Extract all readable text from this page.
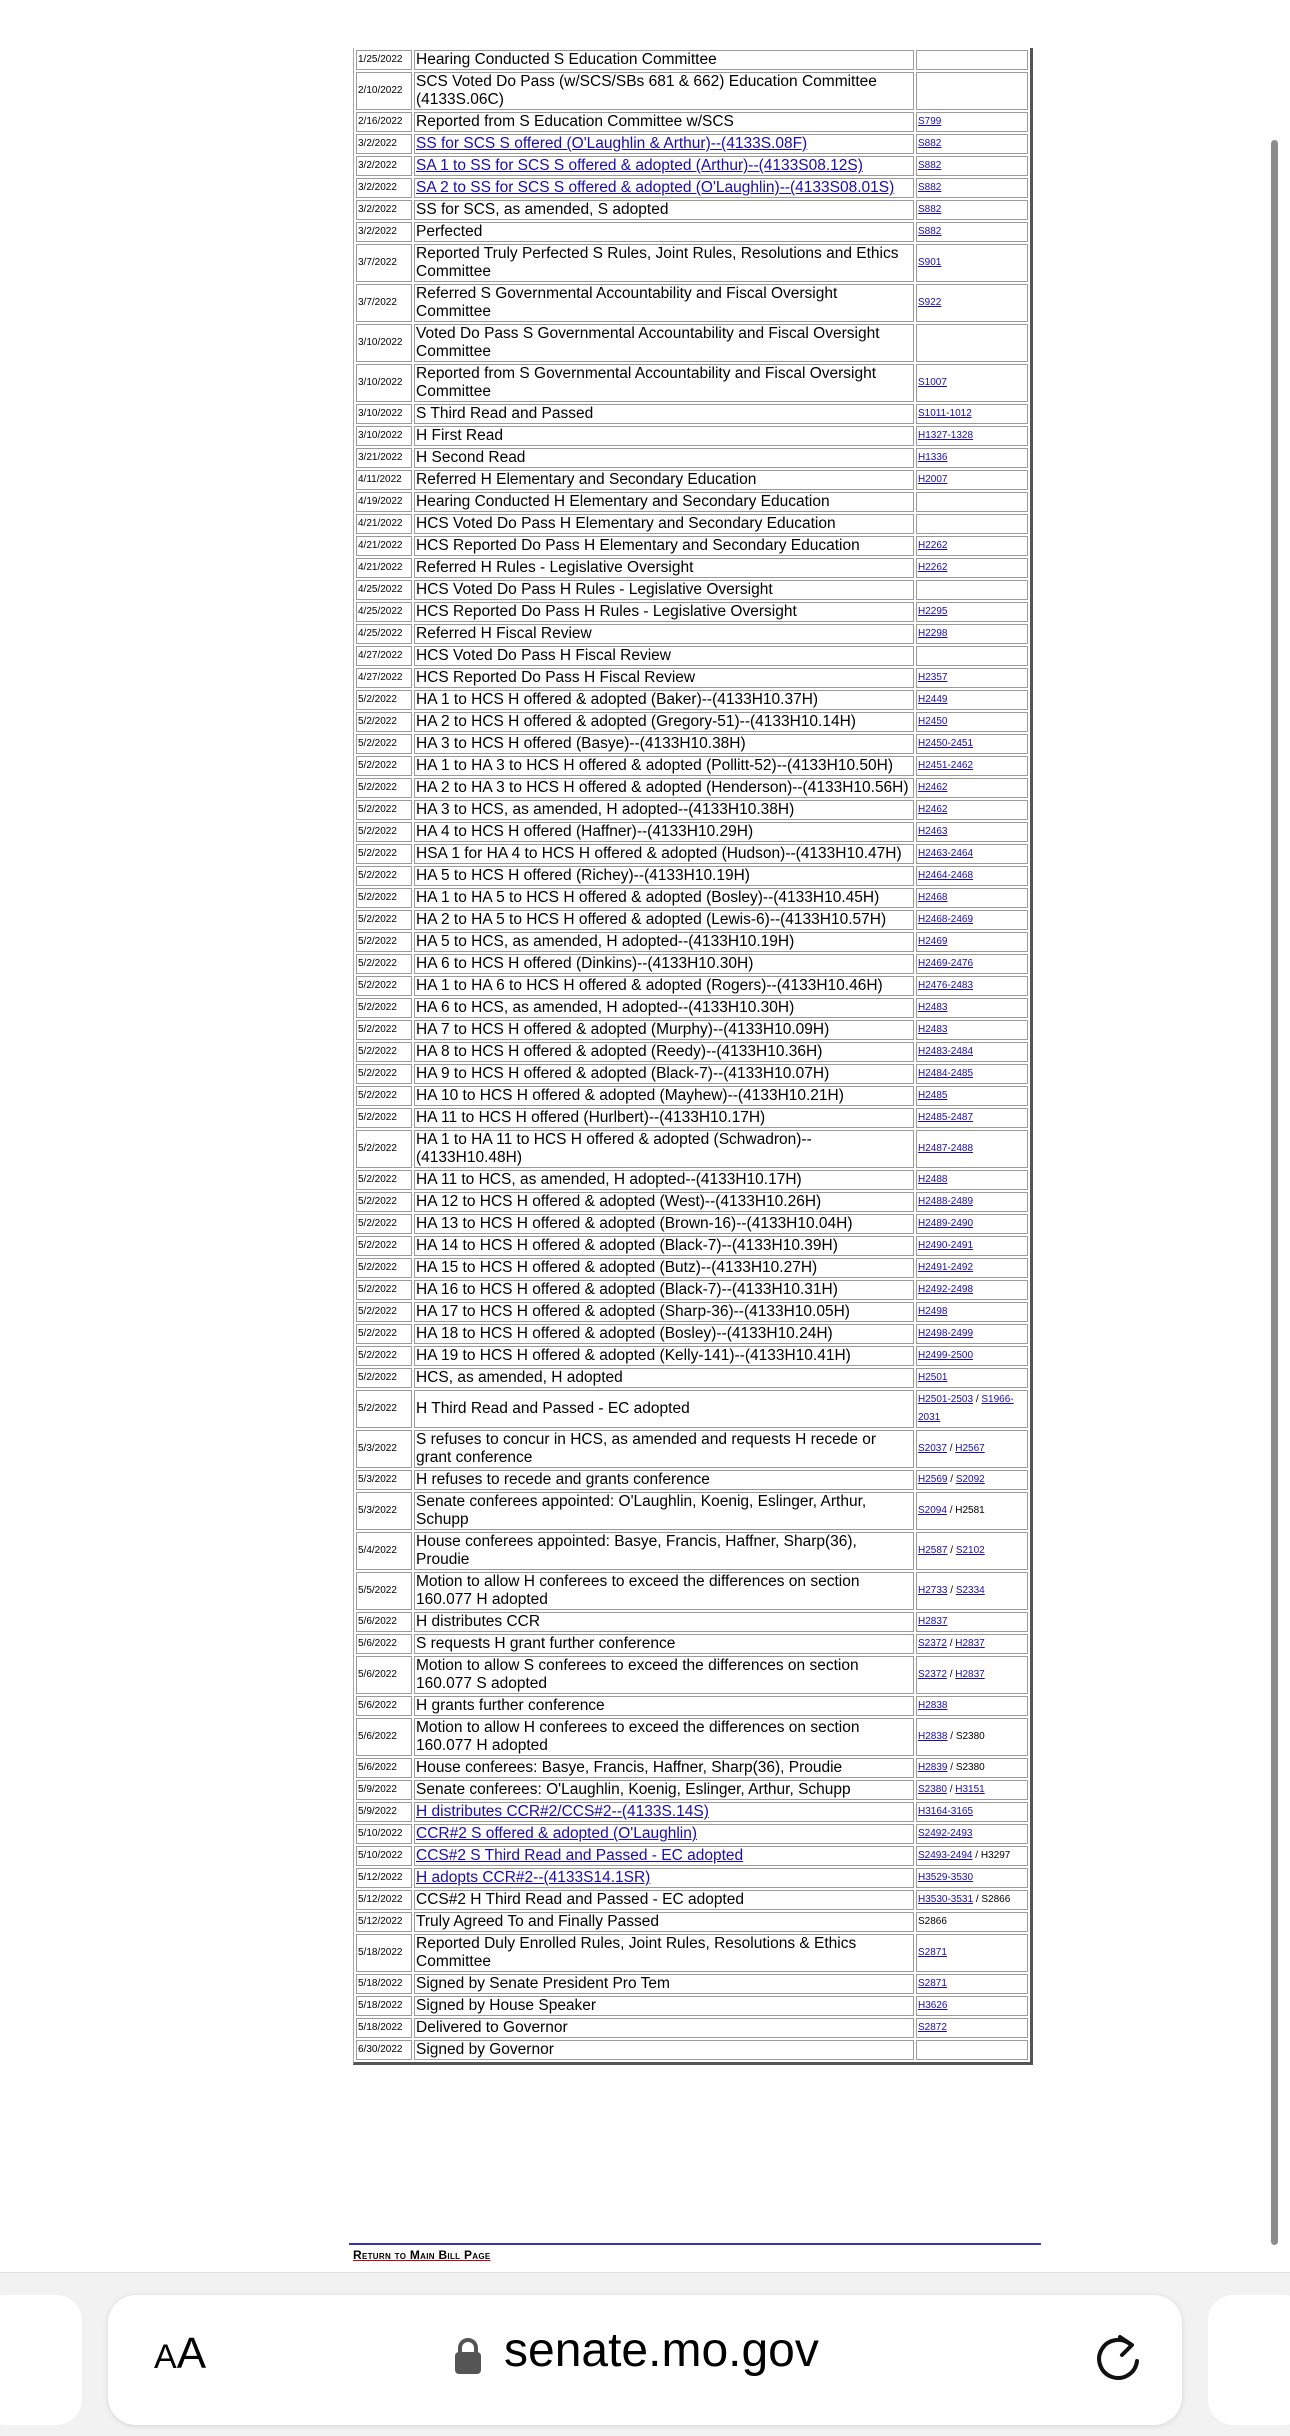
1/25/2022	Hearing Conducted S Education Committee	
2/10/2022	SCS Voted Do Pass (w/SCS/SBs 681 & 662) Education Committee (4133S.06C)	
2/16/2022	Reported from S Education Committee w/SCS	S799
3/2/2022	SS for SCS S offered (O'Laughlin & Arthur)--(4133S.08F)	S882
3/2/2022	SA 1 to SS for SCS S offered & adopted (Arthur)--(4133S08.12S)	S882
3/2/2022	SA 2 to SS for SCS S offered & adopted (O'Laughlin)--(4133S08.01S)	S882
3/2/2022	SS for SCS, as amended, S adopted	S882
3/2/2022	Perfected	S882
3/7/2022	Reported Truly Perfected S Rules, Joint Rules, Resolutions and Ethics Committee	S901
3/7/2022	Referred S Governmental Accountability and Fiscal Oversight Committee	S922
3/10/2022	Voted Do Pass S Governmental Accountability and Fiscal Oversight Committee	
3/10/2022	Reported from S Governmental Accountability and Fiscal Oversight Committee	S1007
3/10/2022	S Third Read and Passed	S1011-1012
3/10/2022	H First Read	H1327-1328
3/21/2022	H Second Read	H1336
4/11/2022	Referred H Elementary and Secondary Education	H2007
4/19/2022	Hearing Conducted H Elementary and Secondary Education	
4/21/2022	HCS Voted Do Pass H Elementary and Secondary Education	
4/21/2022	HCS Reported Do Pass H Elementary and Secondary Education	H2262
4/21/2022	Referred H Rules - Legislative Oversight	H2262
4/25/2022	HCS Voted Do Pass H Rules - Legislative Oversight	
4/25/2022	HCS Reported Do Pass H Rules - Legislative Oversight	H2295
4/25/2022	Referred H Fiscal Review	H2298
4/27/2022	HCS Voted Do Pass H Fiscal Review	
4/27/2022	HCS Reported Do Pass H Fiscal Review	H2357
5/2/2022	HA 1 to HCS H offered & adopted (Baker)--(4133H10.37H)	H2449
5/2/2022	HA 2 to HCS H offered & adopted (Gregory-51)--(4133H10.14H)	H2450
5/2/2022	HA 3 to HCS H offered (Basye)--(4133H10.38H)	H2450-2451
5/2/2022	HA 1 to HA 3 to HCS H offered & adopted (Pollitt-52)--(4133H10.50H)	H2451-2462
5/2/2022	HA 2 to HA 3 to HCS H offered & adopted (Henderson)--(4133H10.56H)	H2462
5/2/2022	HA 3 to HCS, as amended, H adopted--(4133H10.38H)	H2462
5/2/2022	HA 4 to HCS H offered (Haffner)--(4133H10.29H)	H2463
5/2/2022	HSA 1 for HA 4 to HCS H offered & adopted (Hudson)--(4133H10.47H)	H2463-2464
5/2/2022	HA 5 to HCS H offered (Richey)--(4133H10.19H)	H2464-2468
5/2/2022	HA 1 to HA 5 to HCS H offered & adopted (Bosley)--(4133H10.45H)	H2468
5/2/2022	HA 2 to HA 5 to HCS H offered & adopted (Lewis-6)--(4133H10.57H)	H2468-2469
5/2/2022	HA 5 to HCS, as amended, H adopted--(4133H10.19H)	H2469
5/2/2022	HA 6 to HCS H offered (Dinkins)--(4133H10.30H)	H2469-2476
5/2/2022	HA 1 to HA 6 to HCS H offered & adopted (Rogers)--(4133H10.46H)	H2476-2483
5/2/2022	HA 6 to HCS, as amended, H adopted--(4133H10.30H)	H2483
5/2/2022	HA 7 to HCS H offered & adopted (Murphy)--(4133H10.09H)	H2483
5/2/2022	HA 8 to HCS H offered & adopted (Reedy)--(4133H10.36H)	H2483-2484
5/2/2022	HA 9 to HCS H offered & adopted (Black-7)--(4133H10.07H)	H2484-2485
5/2/2022	HA 10 to HCS H offered & adopted (Mayhew)--(4133H10.21H)	H2485
5/2/2022	HA 11 to HCS H offered (Hurlbert)--(4133H10.17H)	H2485-2487
5/2/2022	HA 1 to HA 11 to HCS H offered & adopted (Schwadron)--(4133H10.48H)	H2487-2488
5/2/2022	HA 11 to HCS, as amended, H adopted--(4133H10.17H)	H2488
5/2/2022	HA 12 to HCS H offered & adopted (West)--(4133H10.26H)	H2488-2489
5/2/2022	HA 13 to HCS H offered & adopted (Brown-16)--(4133H10.04H)	H2489-2490
5/2/2022	HA 14 to HCS H offered & adopted (Black-7)--(4133H10.39H)	H2490-2491
5/2/2022	HA 15 to HCS H offered & adopted (Butz)--(4133H10.27H)	H2491-2492
5/2/2022	HA 16 to HCS H offered & adopted (Black-7)--(4133H10.31H)	H2492-2498
5/2/2022	HA 17 to HCS H offered & adopted (Sharp-36)--(4133H10.05H)	H2498
5/2/2022	HA 18 to HCS H offered & adopted (Bosley)--(4133H10.24H)	H2498-2499
5/2/2022	HA 19 to HCS H offered & adopted (Kelly-141)--(4133H10.41H)	H2499-2500
5/2/2022	HCS, as amended, H adopted	H2501
5/2/2022	H Third Read and Passed - EC adopted	H2501-2503 / S1966-2031
5/3/2022	S refuses to concur in HCS, as amended and requests H recede or grant conference	S2037 / H2567
5/3/2022	H refuses to recede and grants conference	H2569 / S2092
5/3/2022	Senate conferees appointed: O'Laughlin, Koenig, Eslinger, Arthur, Schupp	S2094 / H2581
5/4/2022	House conferees appointed: Basye, Francis, Haffner, Sharp(36), Proudie	H2587 / S2102
5/5/2022	Motion to allow H conferees to exceed the differences on section 160.077 H adopted	H2733 / S2334
5/6/2022	H distributes CCR	H2837
5/6/2022	S requests H grant further conference	S2372 / H2837
5/6/2022	Motion to allow S conferees to exceed the differences on section 160.077 S adopted	S2372 / H2837
5/6/2022	H grants further conference	H2838
5/6/2022	Motion to allow H conferees to exceed the differences on section 160.077 H adopted	H2838 / S2380
5/6/2022	House conferees: Basye, Francis, Haffner, Sharp(36), Proudie	H2839 / S2380
5/9/2022	Senate conferees: O'Laughlin, Koenig, Eslinger, Arthur, Schupp	S2380 / H3151
5/9/2022	H distributes CCR#2/CCS#2--(4133S.14S)	H3164-3165
5/10/2022	CCR#2 S offered & adopted (O'Laughlin)	S2492-2493
5/10/2022	CCS#2 S Third Read and Passed - EC adopted	S2493-2494 / H3297
5/12/2022	H adopts CCR#2--(4133S14.1SR)	H3529-3530
5/12/2022	CCS#2 H Third Read and Passed - EC adopted	H3530-3531 / S2866
5/12/2022	Truly Agreed To and Finally Passed	S2866
5/18/2022	Reported Duly Enrolled Rules, Joint Rules, Resolutions & Ethics Committee	S2871
5/18/2022	Signed by Senate President Pro Tem	S2871
5/18/2022	Signed by House Speaker	H3626
5/18/2022	Delivered to Governor	S2872
6/30/2022	Signed by Governor	
Return to Main Bill Page
AA	senate.mo.gov
